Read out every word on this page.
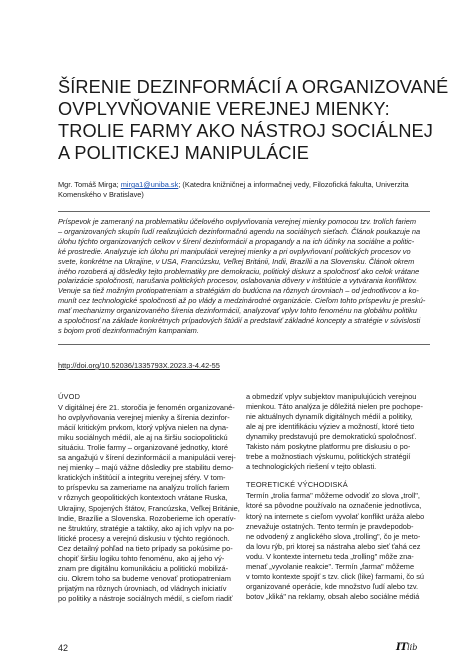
ŠÍRENIE DEZINFORMÁCIÍ A ORGANIZOVANÉ
OVPLYVŇOVANIE VEREJNEJ MIENKY:
TROLIE FARMY AKO NÁSTROJ SOCIÁLNEJ
A POLITICKEJ MANIPULÁCIE
Mgr. Tomáš Mirga; mirga1@uniba.sk; (Katedra knižničnej a informačnej vedy, Filozofická fakulta, Univerzita
Komenského v Bratislave)
Príspevok je zameraný na problematiku účelového ovplyvňovania verejnej mienky pomocou tzv. trolích fariem
– organizovaných skupín ľudí realizujúcich dezinformačnú agendu na sociálnych sieťach. Článok poukazuje na
úlohu týchto organizovaných celkov v šírení dezinformácií a propagandy a na ich účinky na sociálne a politic-
ké prostredie. Analyzuje ich úlohu pri manipulácii verejnej mienky a pri ovplyvňovaní politických procesov vo
svete, konkrétne na Ukrajine, v USA, Francúzsku, Veľkej Británii, Indii, Brazílii a na Slovensku. Článok okrem
iného rozoberá aj dôsledky tejto problematiky pre demokraciu, politický diskurz a spoločnosť ako celok vrátane
polarizácie spoločnosti, narušania politických procesov, oslabovania dôvery v inštitúcie a vytvárania konfliktov.
Venuje sa tiež možným protiopatreniam a stratégiám do budúcna na rôznych úrovniach – od jednotlivcov a ko-
munít cez technologické spoločnosti až po vlády a medzinárodné organizácie. Cieľom tohto príspevku je preskú-
mať mechanizmy organizovaného šírenia dezinformácií, analyzovať vplyv tohto fenoménu na globálnu politiku
a spoločnosť na základe konkrétnych prípadových štúdií a predstaviť základné koncepty a stratégie v súvislosti
s bojom proti dezinformačným kampaniam.
http://doi.org/10.52036/1335793X.2023.3-4.42-55
ÚVOD
V digitálnej ére 21. storočia je fenomén organizované-
ho ovplyvňovania verejnej mienky a šírenia dezinfor-
mácií kritickým prvkom, ktorý vplýva nielen na dyna-
miku sociálnych médií, ale aj na širšiu sociopolitickú
situáciu. Trolie farmy – organizované jednotky, ktoré
sa angažujú v šírení dezinformácií a manipulácii verej-
nej mienky – majú vážne dôsledky pre stabilitu demo-
kratických inštitúcií a integritu verejnej sféry. V tom-
to príspevku sa zameriame na analýzu trolích fariem
v rôznych geopolitických kontextoch vrátane Ruska,
Ukrajiny, Spojených štátov, Francúzska, Veľkej Británie,
Indie, Brazílie a Slovenska. Rozoberieme ich operatív-
ne štruktúry, stratégie a taktiky, ako aj ich vplyv na po-
litické procesy a verejnú diskusiu v týchto regiónoch.
Cez detailný pohľad na tieto prípady sa pokúsime po-
chopiť širšiu logiku tohto fenoménu, ako aj jeho vý-
znam pre digitálnu komunikáciu a politickú mobilizá-
ciu. Okrem toho sa budeme venovať protiopatreniam
prijatým na rôznych úrovniach, od vládnych iniciatív
po politiky a nástroje sociálnych médií, s cieľom riadiť
a obmedziť vplyv subjektov manipulujúcich verejnou
mienkou. Táto analýza je dôležitá nielen pre pochope-
nie aktuálnych dynamík digitálnych médií a politiky,
ale aj pre identifikáciu výziev a možností, ktoré tieto
dynamiky predstavujú pre demokratickú spoločnosť.
Takisto nám poskytne platformu pre diskusiu o po-
trebe a možnostiach výskumu, politických stratégií
a technologických riešení v tejto oblasti.
TEORETICKÉ VÝCHODISKÁ
Termín „trolia farma" môžeme odvodiť zo slova „troll",
ktoré sa pôvodne používalo na označenie jednotlivca,
ktorý na internete s cieľom vyvolať konflikt uráža alebo
znevažuje ostatných. Tento termín je pravdepodob-
ne odvodený z anglického slova „trolling", čo je meto-
da lovu rýb, pri ktorej sa nástraha alebo sieť ťahá cez
vodu. V kontexte internetu teda „trolling" môže zna-
menať „vyvolanie reakcie". Termín „farma" môžeme
v tomto kontexte spojiť s tzv. click (like) farmami, čo sú
organizované operácie, kde množstvo ľudí alebo tzv.
botov „kliká" na reklamy, obsah alebo sociálne médiá
42	ITlib
